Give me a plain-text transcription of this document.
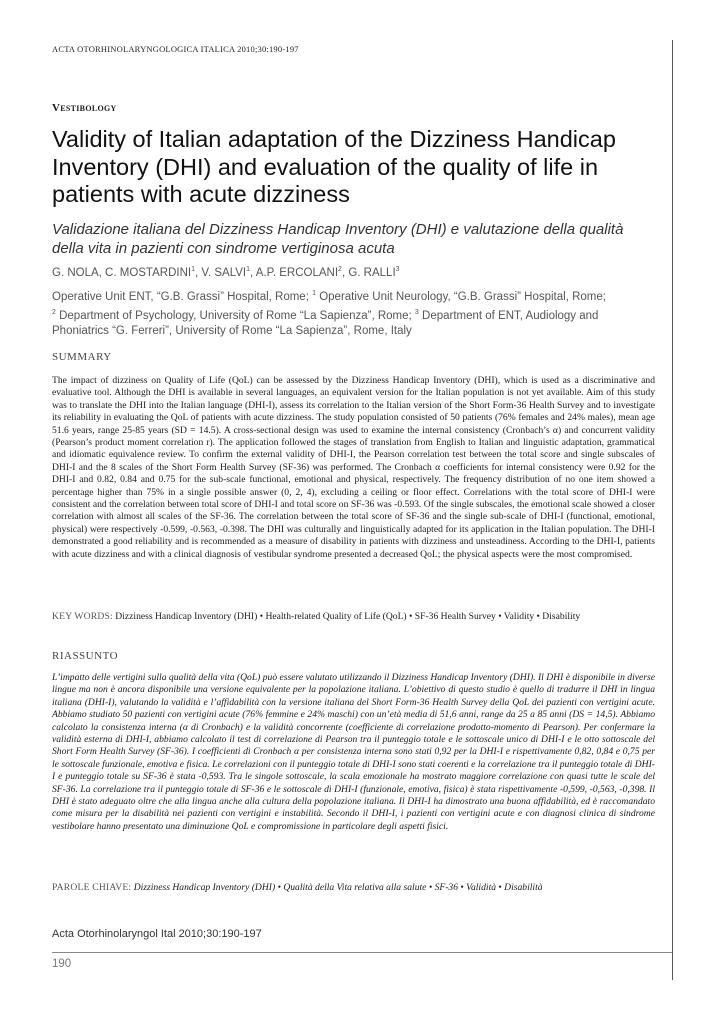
ACTA OTORHINOLARYNGOLOGICA ITALICA 2010;30:190-197
Vestibology
Validity of Italian adaptation of the Dizziness Handicap Inventory (DHI) and evaluation of the quality of life in patients with acute dizziness
Validazione italiana del Dizziness Handicap Inventory (DHI) e valutazione della qualità della vita in pazienti con sindrome vertiginosa acuta
G. NOLA, C. MOSTARDINI$^1$, V. SALVI$^1$, A.P. ERCOLANI$^2$, G. RALLI$^3$
Operative Unit ENT, “G.B. Grassi” Hospital, Rome; $^1$ Operative Unit Neurology, “G.B. Grassi” Hospital, Rome;
$^2$ Department of Psychology, University of Rome “La Sapienza”, Rome; $^3$ Department of ENT, Audiology and Phoniatrics “G. Ferreri”, University of Rome “La Sapienza”, Rome, Italy
SUMMARY
The impact of dizziness on Quality of Life (QoL) can be assessed by the Dizziness Handicap Inventory (DHI), which is used as a discriminative and evaluative tool. Although the DHI is available in several languages, an equivalent version for the Italian population is not yet available. Aim of this study was to translate the DHI into the Italian language (DHI-I), assess its correlation to the Italian version of the Short Form-36 Health Survey and to investigate its reliability in evaluating the QoL of patients with acute dizziness. The study population consisted of 50 patients (76% females and 24% males), mean age 51.6 years, range 25-85 years (SD = 14.5). A cross-sectional design was used to examine the internal consistency (Cronbach’s α) and concurrent validity (Pearson’s product moment correlation r). The application followed the stages of translation from English to Italian and linguistic adaptation, grammatical and idiomatic equivalence review. To confirm the external validity of DHI-I, the Pearson correlation test between the total score and single subscales of DHI-I and the 8 scales of the Short Form Health Survey (SF-36) was performed. The Cronbach α coefficients for internal consistency were 0.92 for the DHI-I and 0.82, 0.84 and 0.75 for the sub-scale functional, emotional and physical, respectively. The frequency distribution of no one item showed a percentage higher than 75% in a single possible answer (0, 2, 4), excluding a ceiling or floor effect. Correlations with the total score of DHI-I were consistent and the correlation between total score of DHI-I and total score on SF-36 was -0.593. Of the single subscales, the emotional scale showed a closer correlation with almost all scales of the SF-36. The correlation between the total score of SF-36 and the single sub-scale of DHI-I (functional, emotional, physical) were respectively -0.599, -0.563, -0.398. The DHI was culturally and linguistically adapted for its application in the Italian population. The DHI-I demonstrated a good reliability and is recommended as a measure of disability in patients with dizziness and unsteadiness. According to the DHI-I, patients with acute dizziness and with a clinical diagnosis of vestibular syndrome presented a decreased QoL; the physical aspects were the most compromised.
KEY WORDS: Dizziness Handicap Inventory (DHI) • Health-related Quality of Life (QoL) • SF-36 Health Survey • Validity • Disability
RIASSUNTO
L’impatto delle vertigini sulla qualità della vita (QoL) può essere valutato utilizzando il Dizziness Handicap Inventory (DHI). Il DHI è disponibile in diverse lingue ma non è ancora disponibile una versione equivalente per la popolazione italiana. L’obiettivo di questo studio è quello di tradurre il DHI in lingua italiana (DHI-I), valutando la validità e l’affidabilità con la versione italiana del Short Form-36 Health Survey della QoL dei pazienti con vertigini acute. Abbiamo studiato 50 pazienti con vertigini acute (76% femmine e 24% maschi) con un’età media di 51,6 anni, range da 25 a 85 anni (DS = 14,5). Abbiamo calcolato la consistenza interna (α di Cronbach) e la validità concorrente (coefficiente di correlazione prodotto-momento di Pearson). Per confermare la validità esterna di DHI-I, abbiamo calcolato il test di correlazione di Pearson tra il punteggio totale e le sottoscale unico di DHI-I e le otto sottoscale del Short Form Health Survey (SF-36). I coefficienti di Cronbach α per consistenza interna sono stati 0,92 per la DHI-I e rispettivamente 0,82, 0,84 e 0,75 per le sottoscale funzionale, emotiva e fisica. Le correlazioni con il punteggio totale di DHI-I sono stati coerenti e la correlazione tra il punteggio totale di DHI-I e punteggio totale su SF-36 è stata -0,593. Tra le singole sottoscale, la scala emozionale ha mostrato maggiore correlazione con quasi tutte le scale del SF-36. La correlazione tra il punteggio totale di SF-36 e le sottoscale di DHI-I (funzionale, emotiva, fisica) è stata rispettivamente -0,599, -0,563, -0,398. Il DHI è stato adeguato oltre che alla lingua anche alla cultura della popolazione italiana. Il DHI-I ha dimostrato una buona affidabilità, ed è raccomandato come misura per la disabilità nei pazienti con vertigini e instabilità. Secondo il DHI-I, i pazienti con vertigini acute e con diagnosi clinica di sindrome vestibolare hanno presentato una diminuzione QoL e compromissione in particolare degli aspetti fisici.
PAROLE CHIAVE: Dizziness Handicap Inventory (DHI) • Qualità della Vita relativa alla salute • SF-36 • Validità • Disabilità
Acta Otorhinolaryngol Ital 2010;30:190-197
190
